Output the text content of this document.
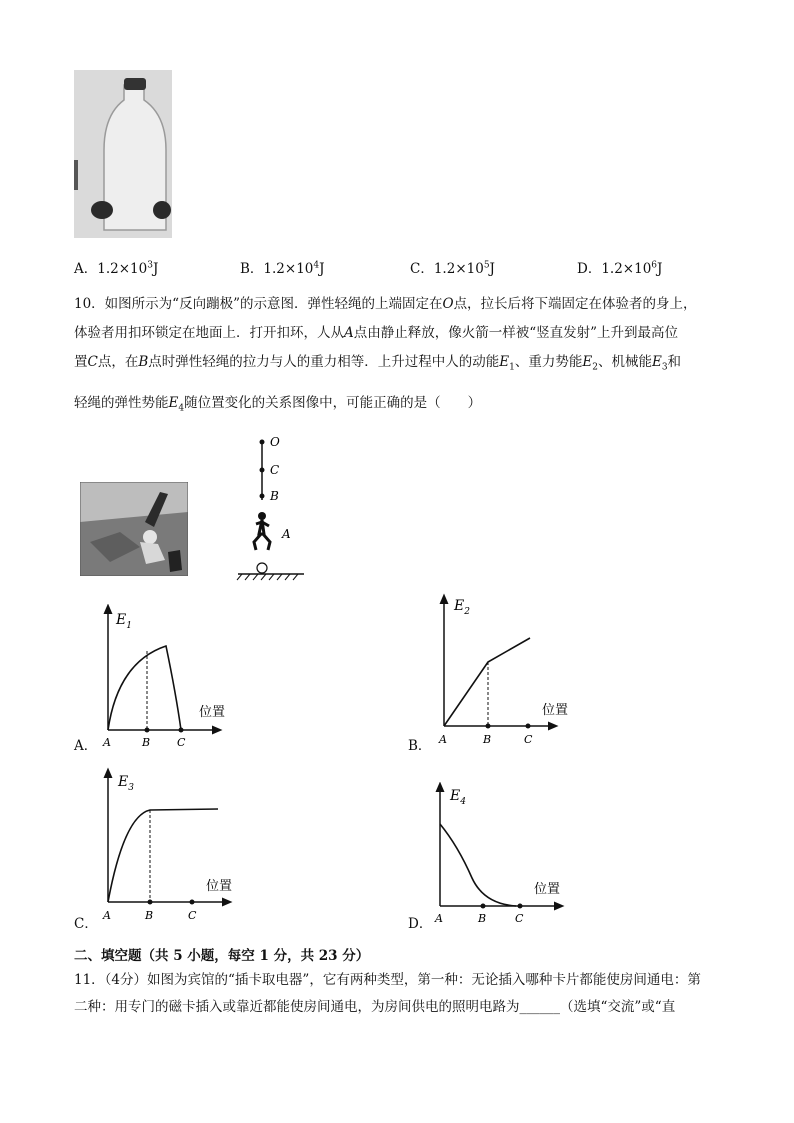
A．$1.2\times 10^3J$	B．$1.2\times 10^4J$	C．$1.2\times 10^5J$	D．$1.2\times 10^6J$
10．如图所示为“反向蹦极”的示意图．弹性轻绳的上端固定在O点，拉长后将下端固定在体验者的身上，
体验者用扣环锁定在地面上．打开扣环，人从A点由静止释放，像火箭一样被“竖直发射”上升到最高位
置C点，在B点时弹性轻绳的拉力与人的重力相等．上升过程中人的动能$E_1$、重力势能$E_2$、机械能$E_3$和
轻绳的弹性势能$E_4$随位置变化的关系图像中，可能正确的是（　　）
O
C
B
A
A．
$E_1$
位置
A	B C	B．
$E_2$
位置
A	B	C
C．
$E_3$
位置
A	B	C
D．
$E_4$
位置
A	B	C
二、填空题（共 5 小题，每空 1 分，共 23 分）
11．（4分）如图为宾馆的“插卡取电器”，它有两种类型，第一种：无论插入哪种卡片都能使房间通电：第
二种：用专门的磁卡插入或靠近都能使房间通电，为房间供电的照明电路为______（选填“交流”或“直
